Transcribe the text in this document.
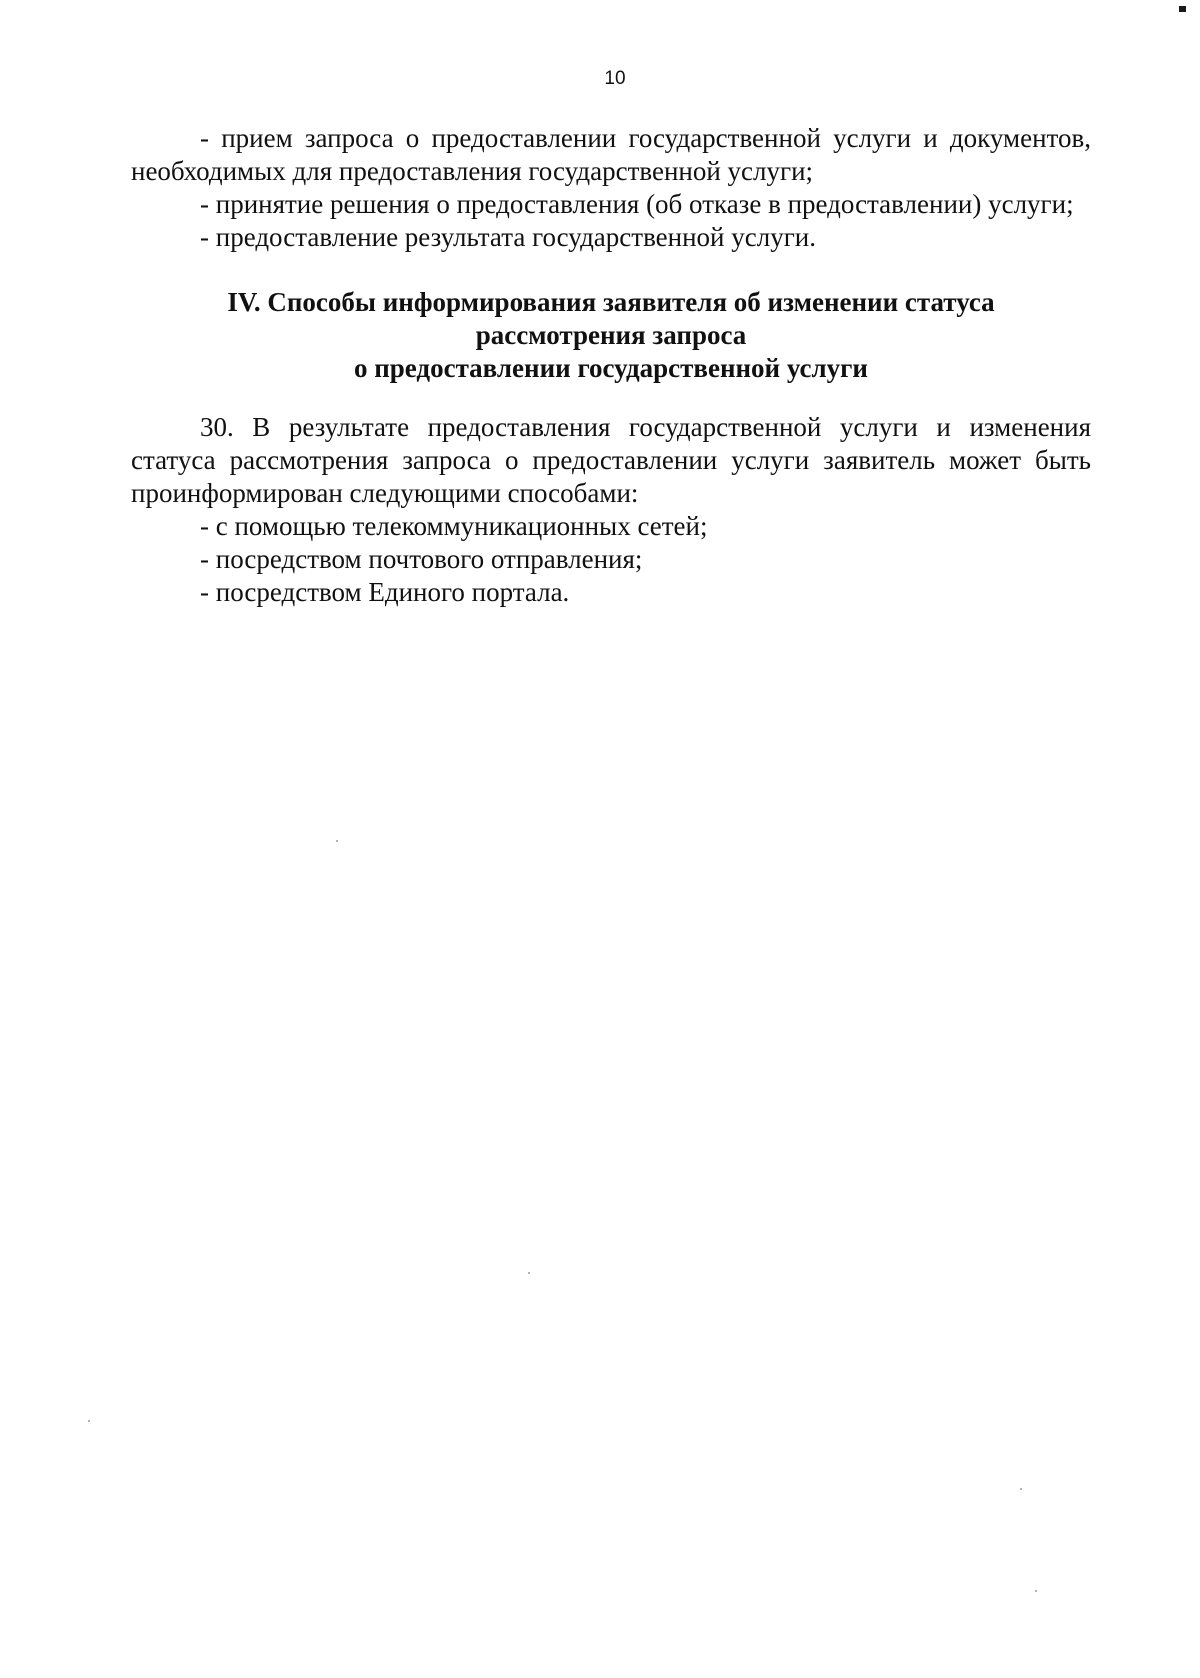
10

- прием запроса о предоставлении государственной услуги и документов, необходимых для предоставления государственной услуги;

- принятие решения о предоставления (об отказе в предоставлении) услуги;

- предоставление результата государственной услуги.

IV. Способы информирования заявителя об изменении статуса
рассмотрения запроса
о предоставлении государственной услуги

30. В результате предоставления государственной услуги и изменения статуса рассмотрения запроса о предоставлении услуги заявитель может быть проинформирован следующими способами:

- с помощью телекоммуникационных сетей;

- посредством почтового отправления;

- посредством Единого портала.
